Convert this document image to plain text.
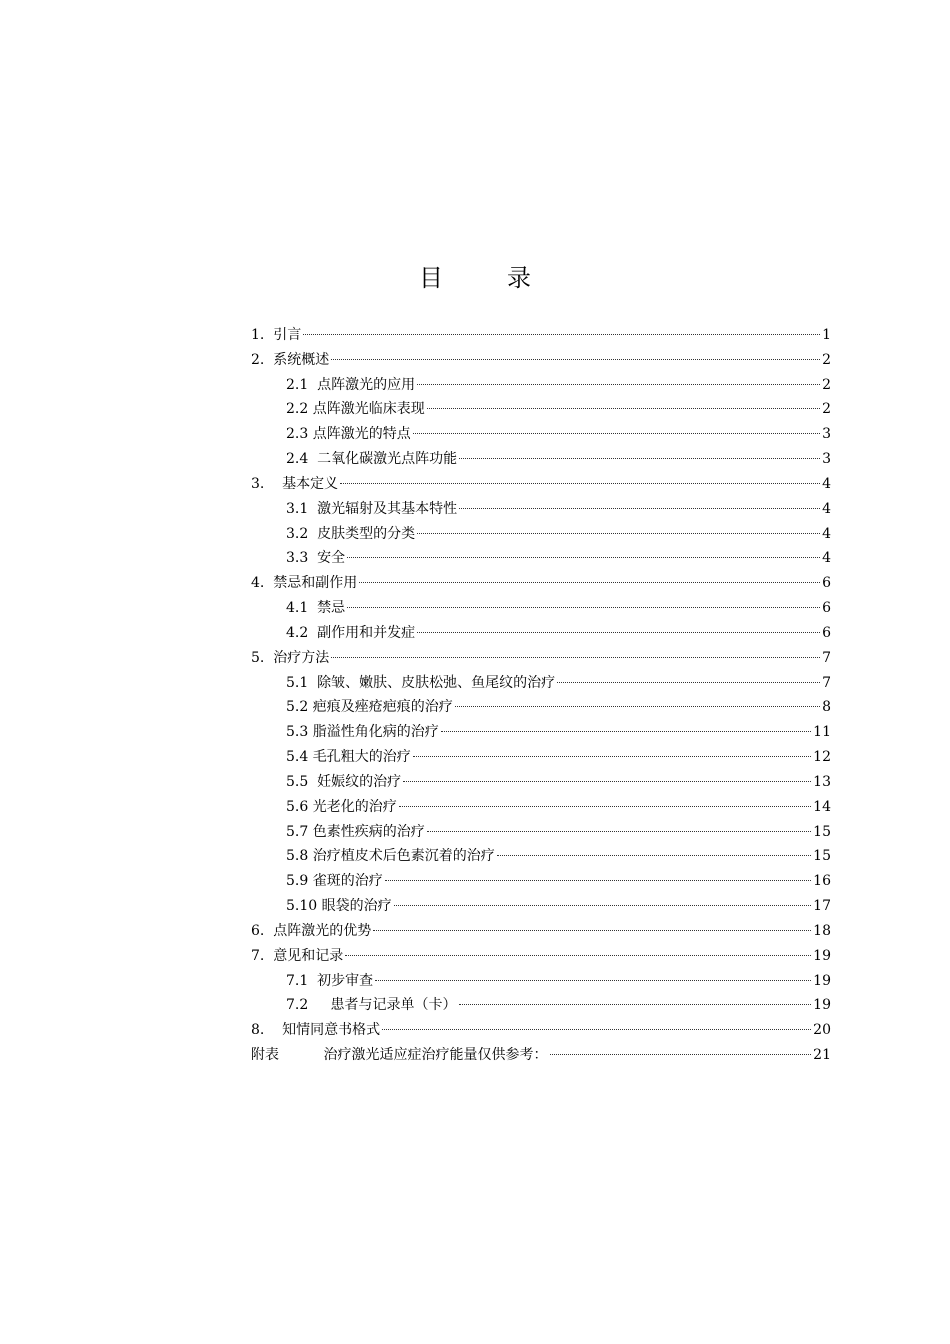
目录
1.  引言	1
2.  系统概述	2
2.1  点阵激光的应用	2
2.2 点阵激光临床表现	2
2.3 点阵激光的特点	3
2.4  二氧化碳激光点阵功能	3
3.    基本定义	4
3.1  激光辐射及其基本特性	4
3.2  皮肤类型的分类	4
3.3  安全	4
4.  禁忌和副作用	6
4.1  禁忌	6
4.2  副作用和并发症	6
5.  治疗方法	7
5.1  除皱、嫩肤、皮肤松弛、鱼尾纹的治疗	7
5.2 疤痕及痤疮疤痕的治疗	8
5.3 脂溢性角化病的治疗	11
5.4 毛孔粗大的治疗	12
5.5  妊娠纹的治疗	13
5.6 光老化的治疗	14
5.7 色素性疾病的治疗	15
5.8 治疗植皮术后色素沉着的治疗	15
5.9 雀斑的治疗	16
5.10 眼袋的治疗	17
6.  点阵激光的优势	18
7.  意见和记录	19
7.1  初步审查	19
7.2     患者与记录单（卡）	19
8.    知情同意书格式	20
附表          治疗激光适应症治疗能量仅供参考：	21
